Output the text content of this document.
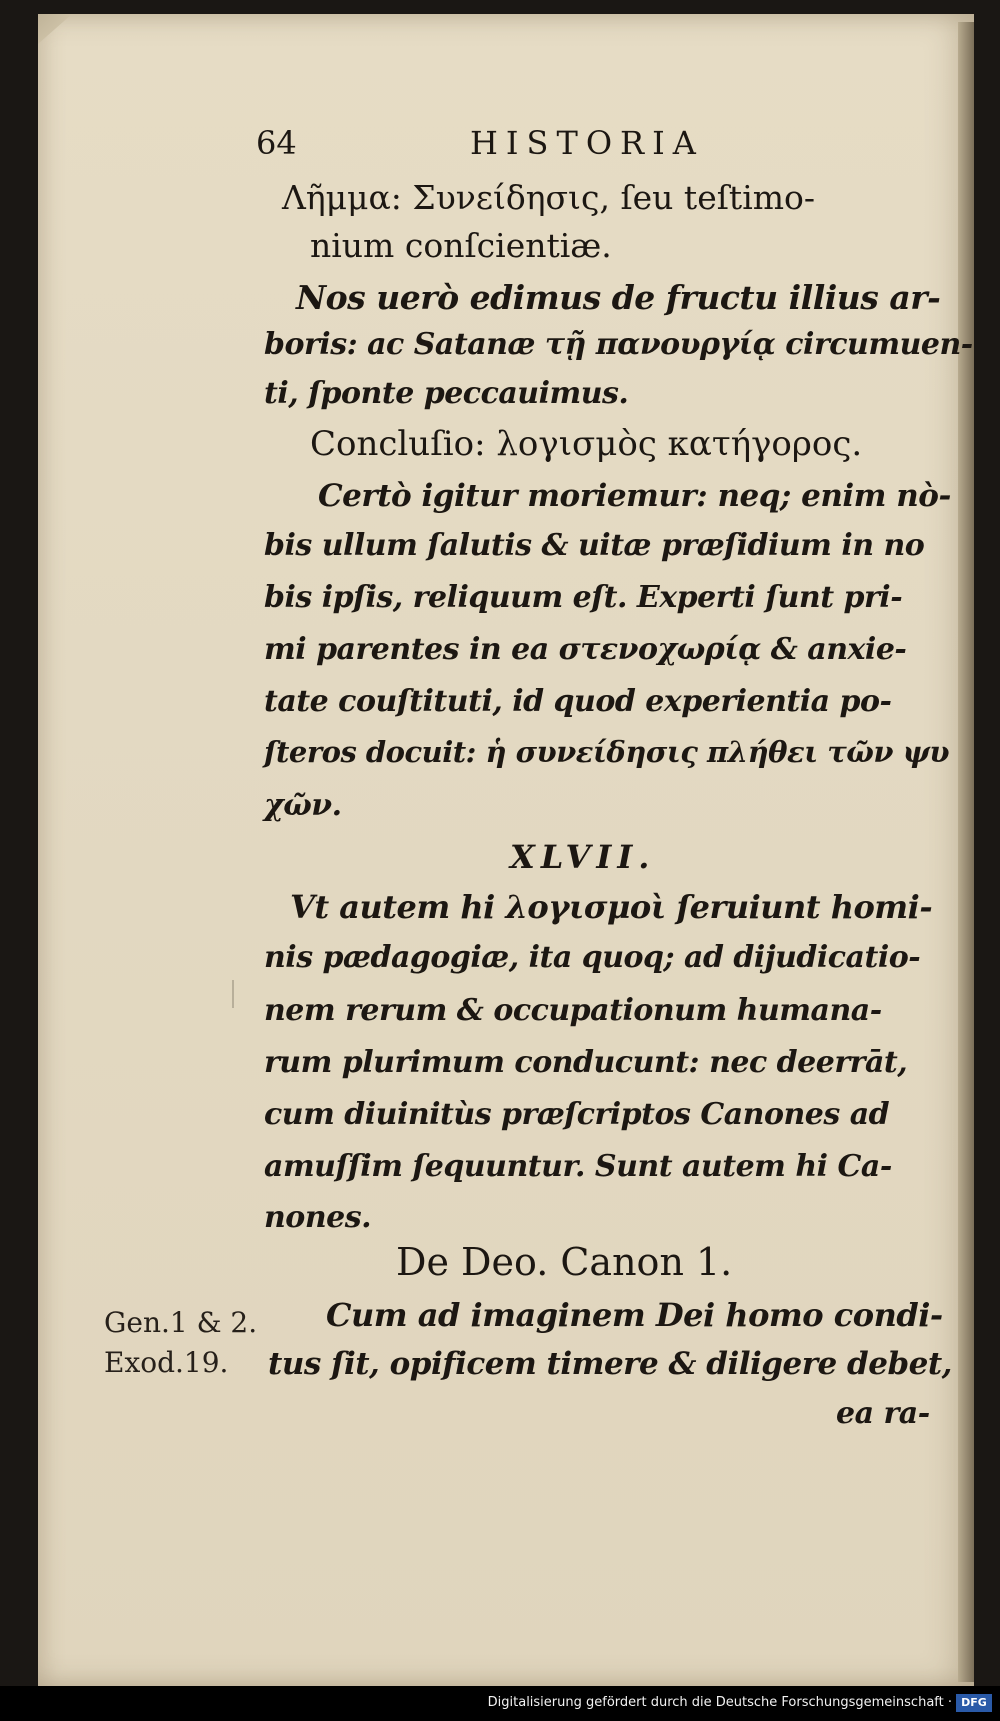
64	HISTORIA

Λῆμμα: Συνείδησις, ſeu teſtimo-

nium conſcientiæ.

Nos uerò edimus de fructu illius ar-

boris: ac Satanæ τῇ πανουργίᾳ circumuen-

ti, ſponte peccauimus.

Concluſio: λογισμὸς κατήγορος.

Certò igitur moriemur: neq; enim nò-

bis ullum ſalutis & uitæ præſidium in no

bis ipſis, reliquum eſt. Experti ſunt pri-

mi parentes in ea στενοχωρίᾳ & anxie-

tate couſtituti, id quod experientia po-

ſteros docuit: ἡ συνείδησις πλήθει τῶν ψυ

χῶν.

XLVII.

Vt autem hi λογισμοὶ ſeruiunt homi-

nis pædagogiæ, ita quoq; ad dijudicatio-

nem rerum & occupationum humana-

rum plurimum conducunt: nec deerrāt,

cum diuinitùs præſcriptos Canones ad

amuſſim ſequuntur. Sunt autem hi Ca-

nones.

De Deo. Canon 1.

Cum ad imaginem Dei homo condi-

tus ſit, opificem timere & diligere debet,

ea ra-

Gen.1 & 2.
Exod.19.
Digitalisierung gefördert durch die Deutsche Forschungsgemeinschaft · DFG
